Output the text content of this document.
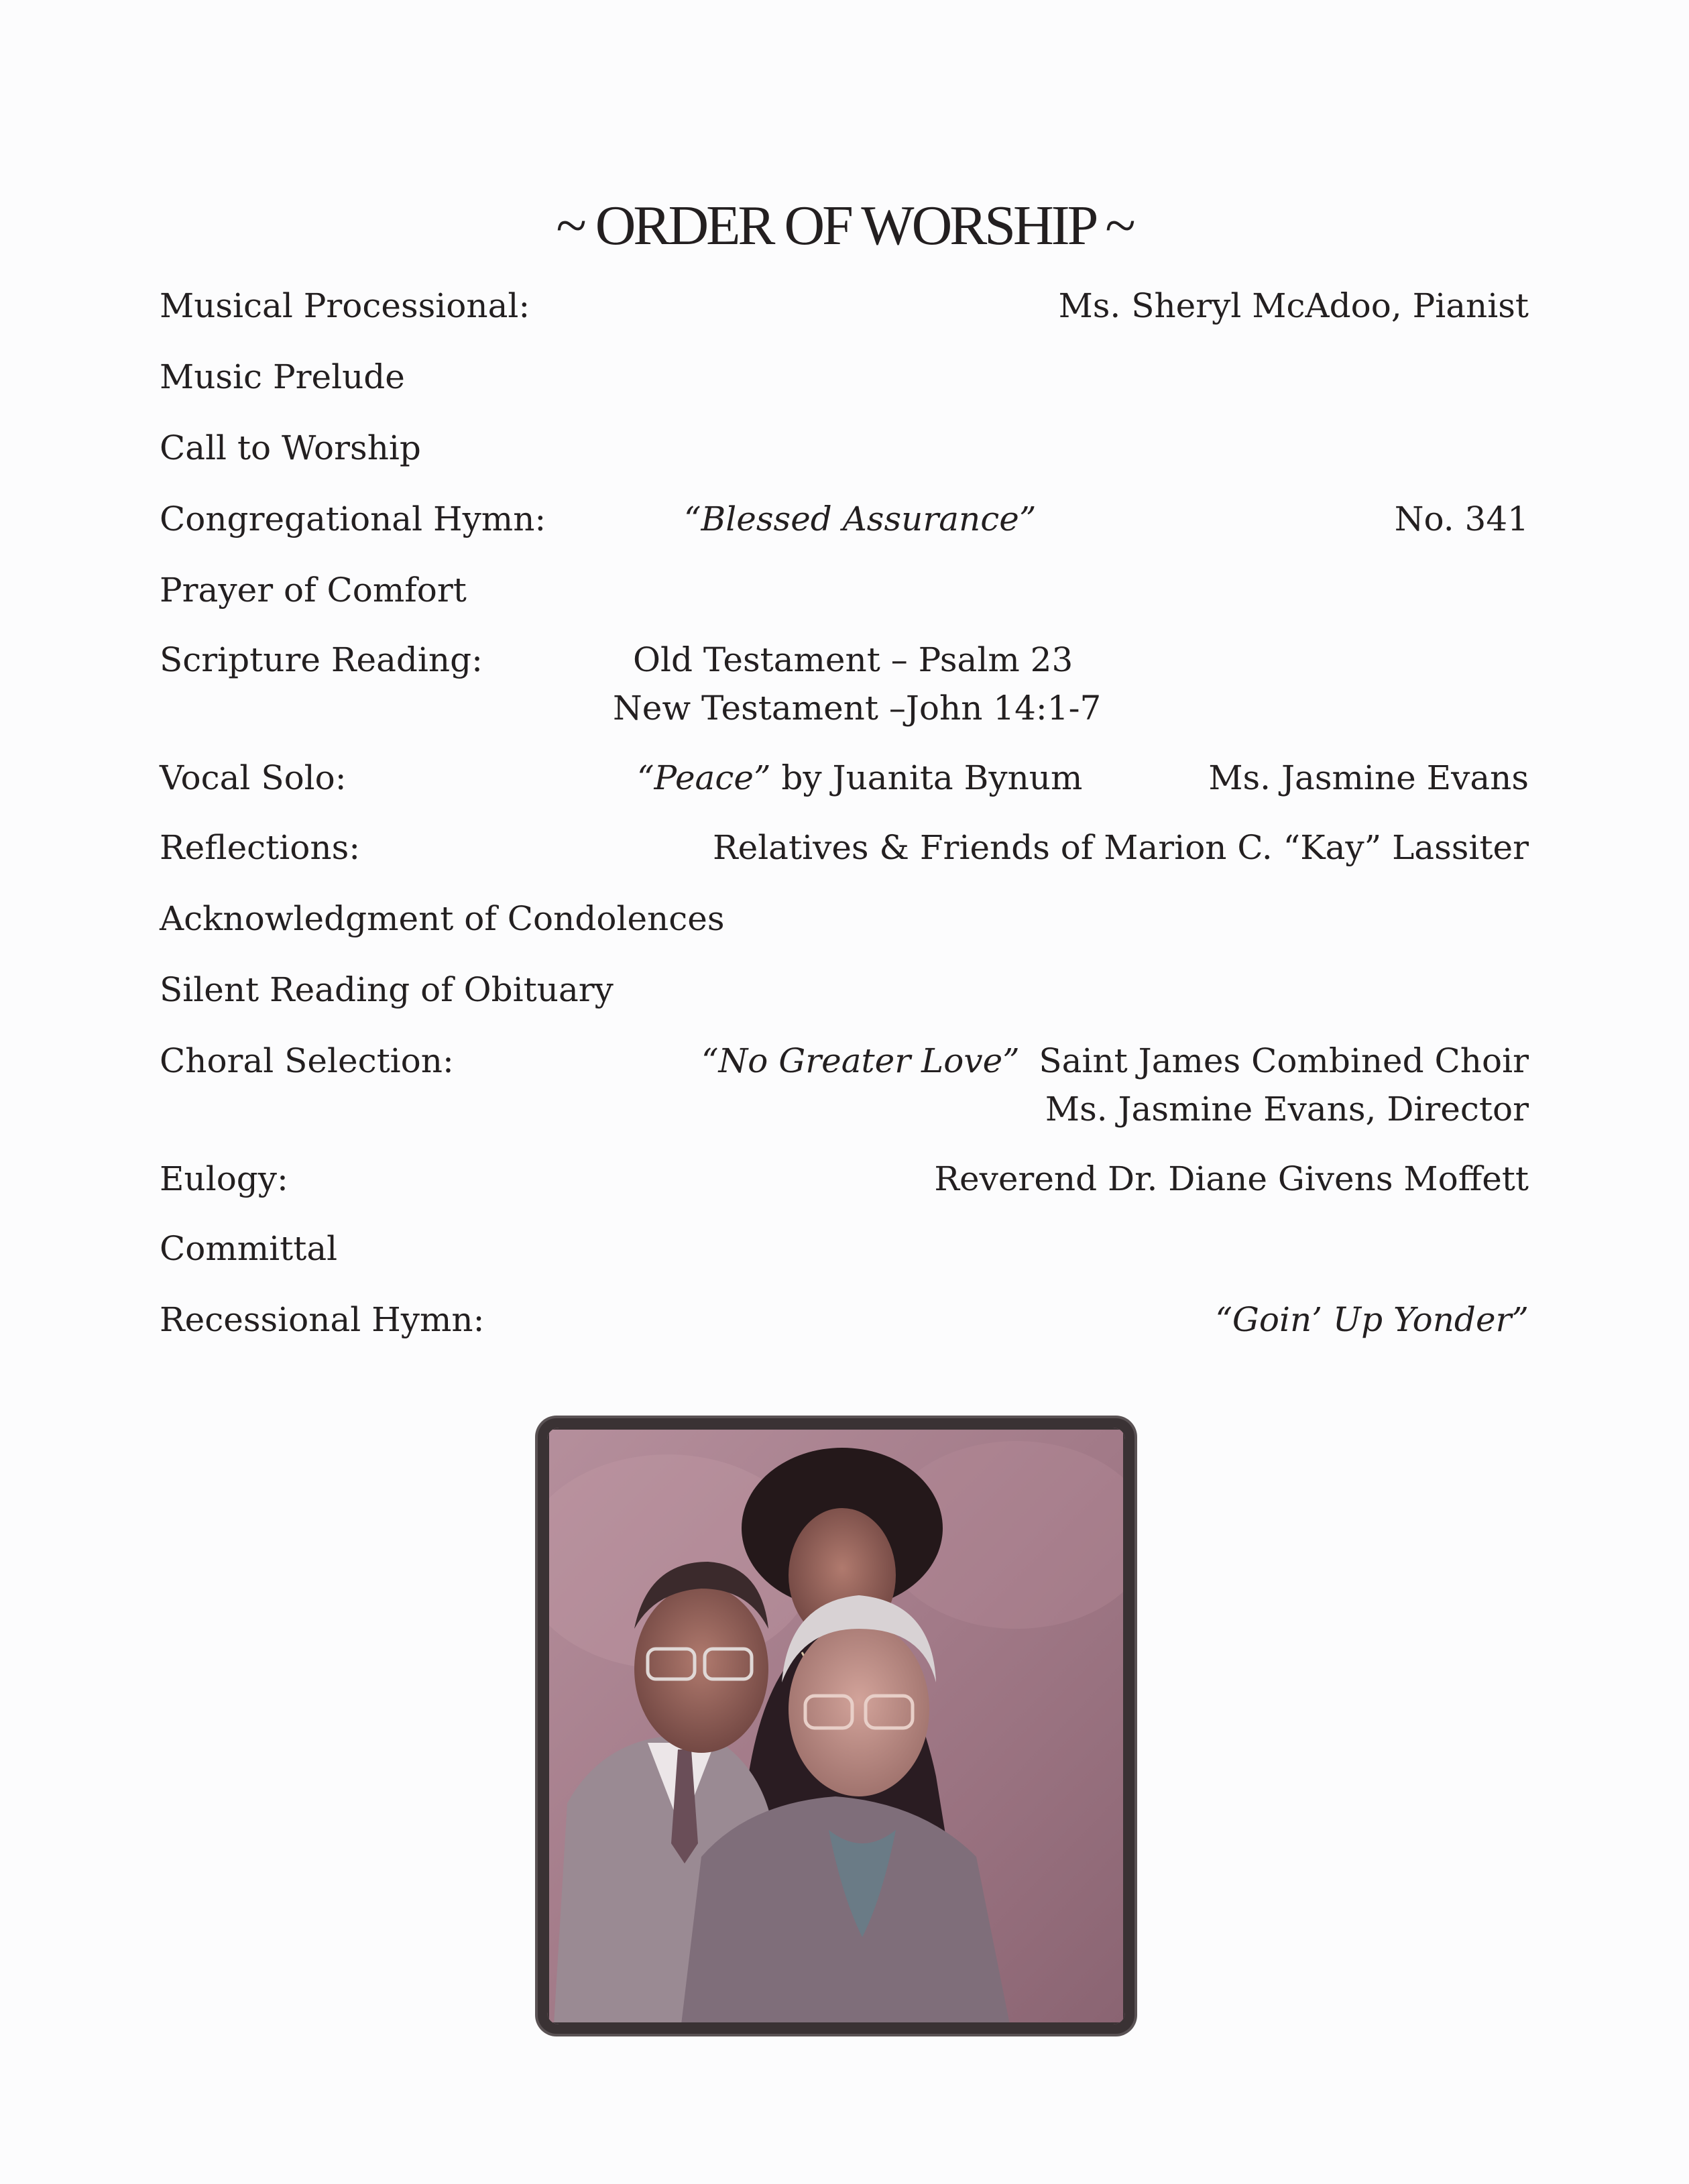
~ ORDER OF WORSHIP ~
Musical Processional:	Ms. Sheryl McAdoo, Pianist
Music Prelude
Call to Worship
Congregational Hymn:	“Blessed Assurance”	No. 341
Prayer of Comfort
Scripture Reading:	Old Testament – Psalm 23
New Testament –John 14:1-7
Vocal Solo:	“Peace” by Juanita Bynum	Ms. Jasmine Evans
Reflections:	Relatives & Friends of Marion C. “Kay” Lassiter
Acknowledgment of Condolences
Silent Reading of Obituary
Choral Selection:	“No Greater Love” Saint James Combined Choir
Ms. Jasmine Evans, Director
Eulogy:	Reverend Dr. Diane Givens Moffett
Committal
Recessional Hymn:	“Goin’ Up Yonder”
